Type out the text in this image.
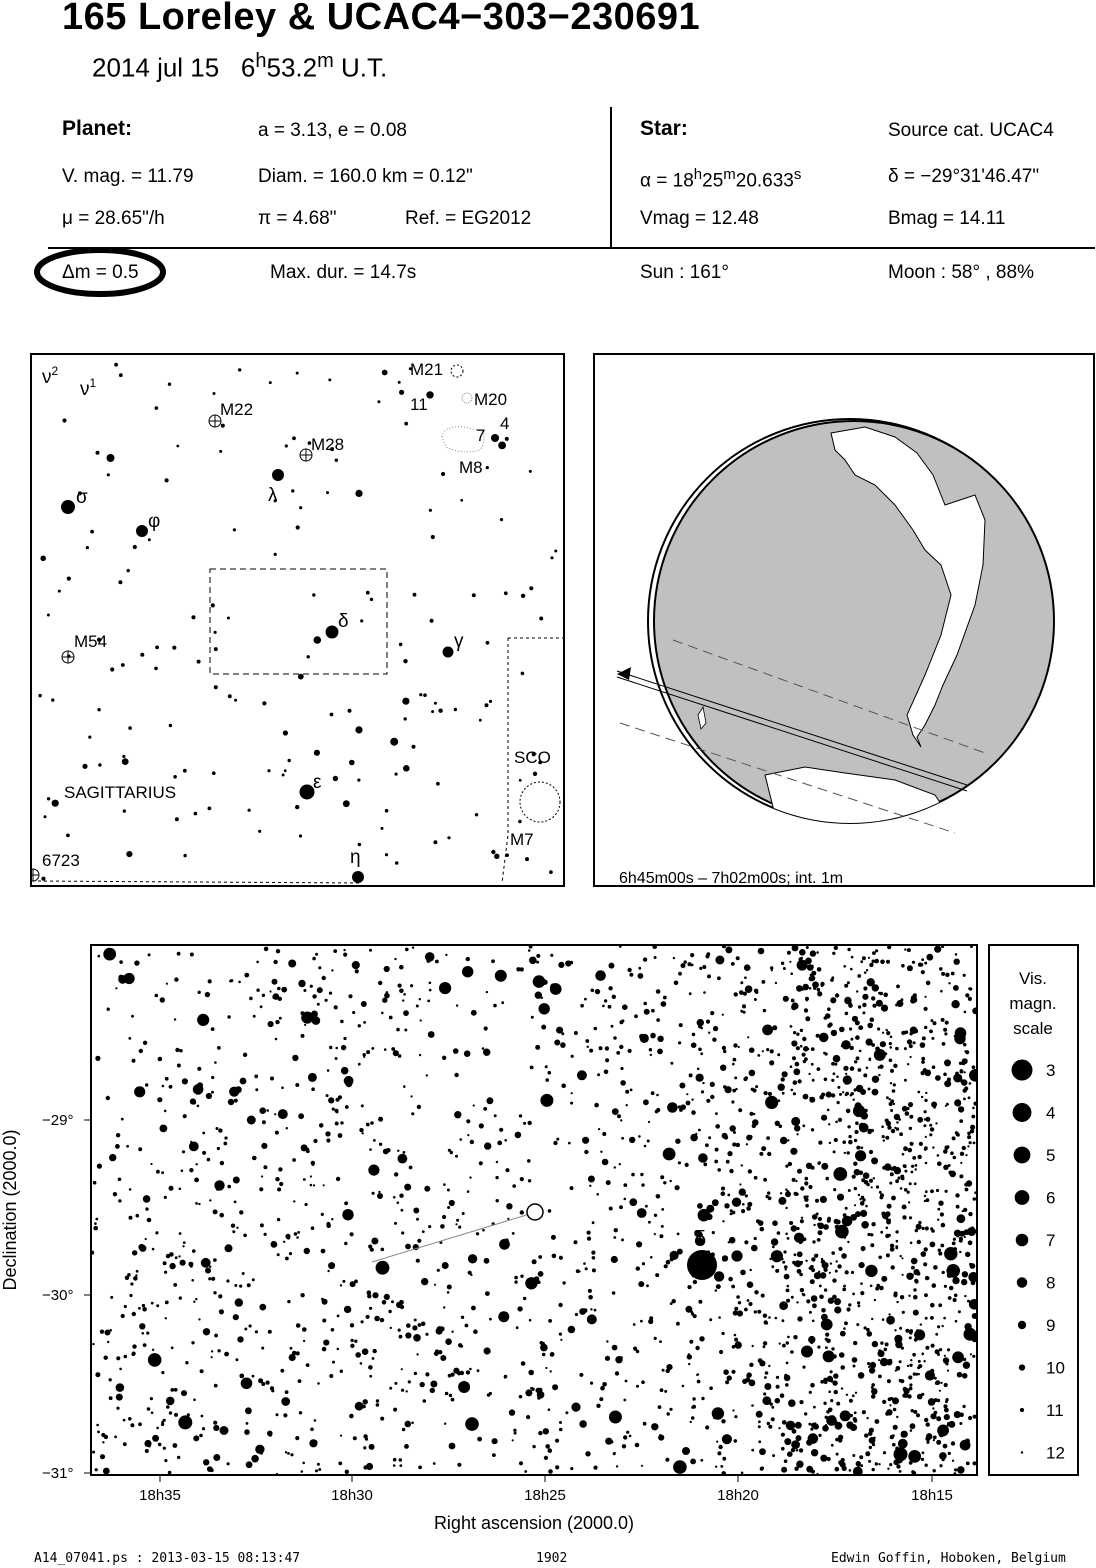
165 Loreley & UCAC4−303−230691
2014 jul 15 6$^h$53.2$^m$ U.T.
Planet:	a = 3.13, e = 0.08
V. mag. = 11.79	Diam. = 160.0 km = 0.12"
μ = 28.65"/h	π = 4.68"	Ref. = EG2012
Star:	Source cat. UCAC4
$\alpha = 18^h25^m20.633^s$	δ = −29°31'46.47"
Vmag = 12.48	Bmag = 14.11
Δm = 0.5	Max. dur. = 14.7s	Sun : 161°	Moon : 58° , 88%
$\nu^2$
$\nu^1$
M22
M28
M21
M20
M8
11
7
4
λ
σ
φ
δ
γ
M54
SCO
SAGITTARIUS	ε
M7
6723	η
6h45m00s – 7h02m00s; int. 1m
δ
−29°
−30°
−31°
18h35	18h30	18h25	18h20	18h15
Right ascension (2000.0)
Declination (2000.0)
Vis.
magn.
scale
3
4
5
6
7
8
9
10
11
12
A14_07041.ps : 2013-03-15 08:13:47	1902	Edwin Goffin, Hoboken, Belgium
